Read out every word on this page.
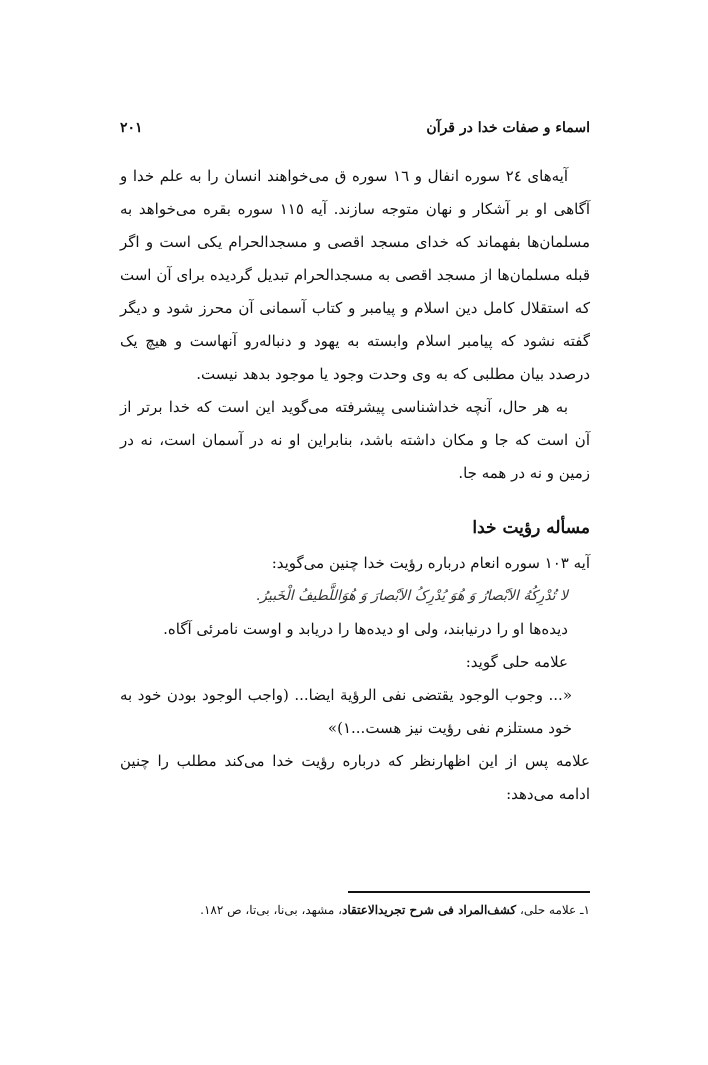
اسماء و صفات خدا در قرآن
۲۰۱

آیه‌های ٢٤ سوره انفال و ١٦ سوره ق می‌خواهند انسان را به علم خدا و آگاهی او بر آشکار و نهان متوجه سازند. آیه ١١٥ سوره بقره می‌خواهد به مسلمان‌ها بفهماند که خدای مسجد اقصی و مسجدالحرام یکی است و اگر قبله مسلمان‌ها از مسجد اقصی به مسجدالحرام تبدیل گردیده برای آن است که استقلال کامل دین اسلام و پیامبر و کتاب آسمانی آن محرز شود و دیگر گفته نشود که پیامبر اسلام وابسته به یهود و دنباله‌رو آنهاست و هیچ یک درصدد بیان مطلبی که به وی وحدت وجود یا موجود بدهد نیست.

به هر حال، آنچه خداشناسی پیشرفته می‌گوید این است که خدا برتر از آن است که جا و مکان داشته باشد، بنابراین او نه در آسمان است، نه در زمین و نه در همه جا.

مسأله رؤیت خدا

آیه ۱۰۳ سوره انعام درباره رؤیت خدا چنین می‌گوید:

لا تُدْرِکُهُ الاَبْصارُ وَ هُوَ یُدْرِکُ الاَبْصارَ وَ هُوَاللَّطیفُ الْخَبیرُ.

دیده‌ها او را درنیابند، ولی او دیده‌ها را دریابد و اوست نامرئی آگاه.

علامه حلی گوید:

«... وجوب الوجود یقتضی نفی الرؤیة ایضا... (واجب الوجود بودن خود به خود مستلزم نفی رؤیت نیز هست...۱)»

علامه پس از این اظهارنظر که درباره رؤیت خدا می‌کند مطلب را چنین ادامه می‌دهد:

۱ـ علامه حلی، کشف‌المراد فی شرح تجریدالاعتقاد، مشهد، بی‌نا، بی‌تا، ص ۱۸۲.
